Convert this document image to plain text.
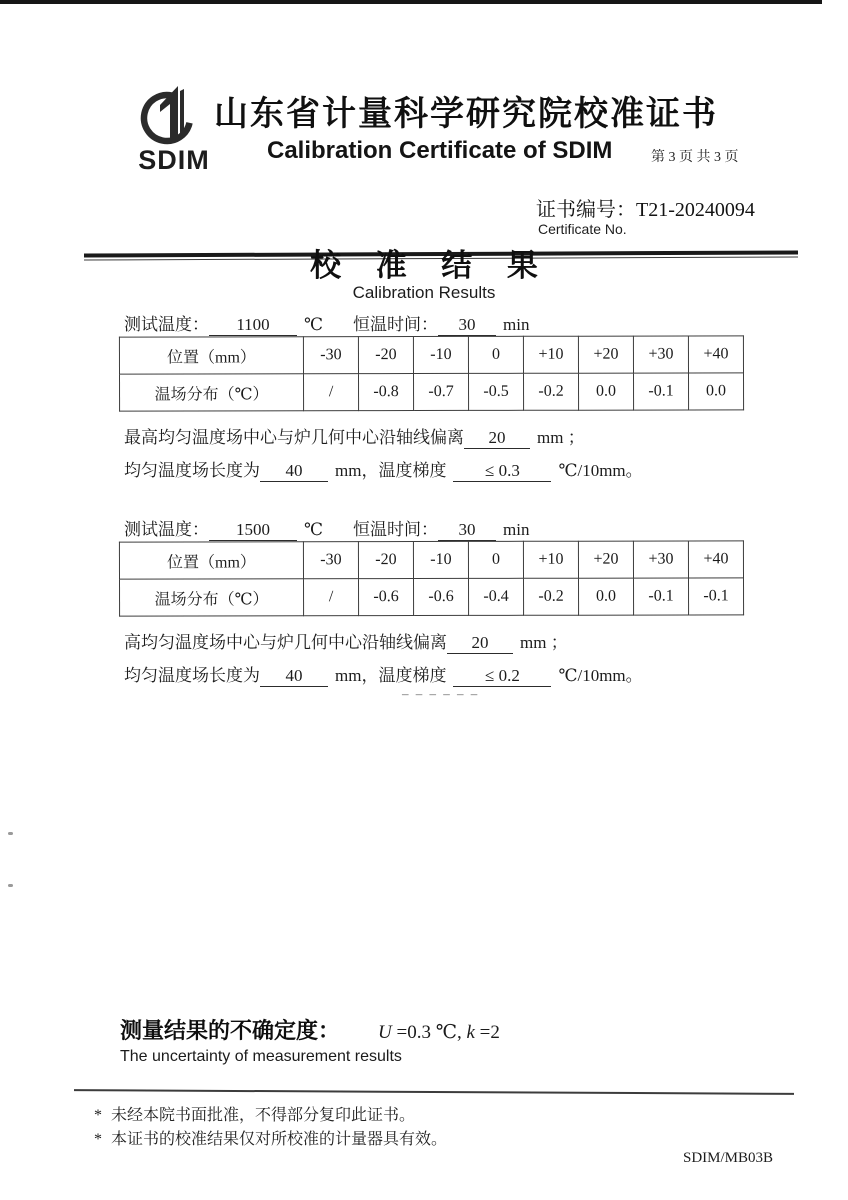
SDIM
山东省计量科学研究院校准证书
Calibration Certificate of SDIM	第 3 页 共 3 页
证书编号：T21-20240094
Certificate No.
校 准 结 果
Calibration Results
测试温度： 1100 ℃ 恒温时间： 30 min
位置（mm）	-30	-20	-10	0	+10	+20	+30	+40
温场分布（℃）	/	-0.8	-0.7	-0.5	-0.2	0.0	-0.1	0.0
最高均匀温度场中心与炉几何中心沿轴线偏离 20 mm ；
均匀温度场长度为 40 mm，温度梯度 ≤ 0.3 ℃/10mm。
测试温度： 1500 ℃ 恒温时间： 30 min
位置（mm）	-30	-20	-10	0	+10	+20	+30	+40
温场分布（℃）	/	-0.6	-0.6	-0.4	-0.2	0.0	-0.1	-0.1
高均匀温度场中心与炉几何中心沿轴线偏离 20 mm ；
均匀温度场长度为 40 mm，温度梯度 ≤ 0.2 ℃/10mm。
– – – – – –
测量结果的不确定度： U =0.3 ℃, k =2
The uncertainty of measurement results
* 未经本院书面批准，不得部分复印此证书。
* 本证书的校准结果仅对所校准的计量器具有效。
SDIM/MB03B
